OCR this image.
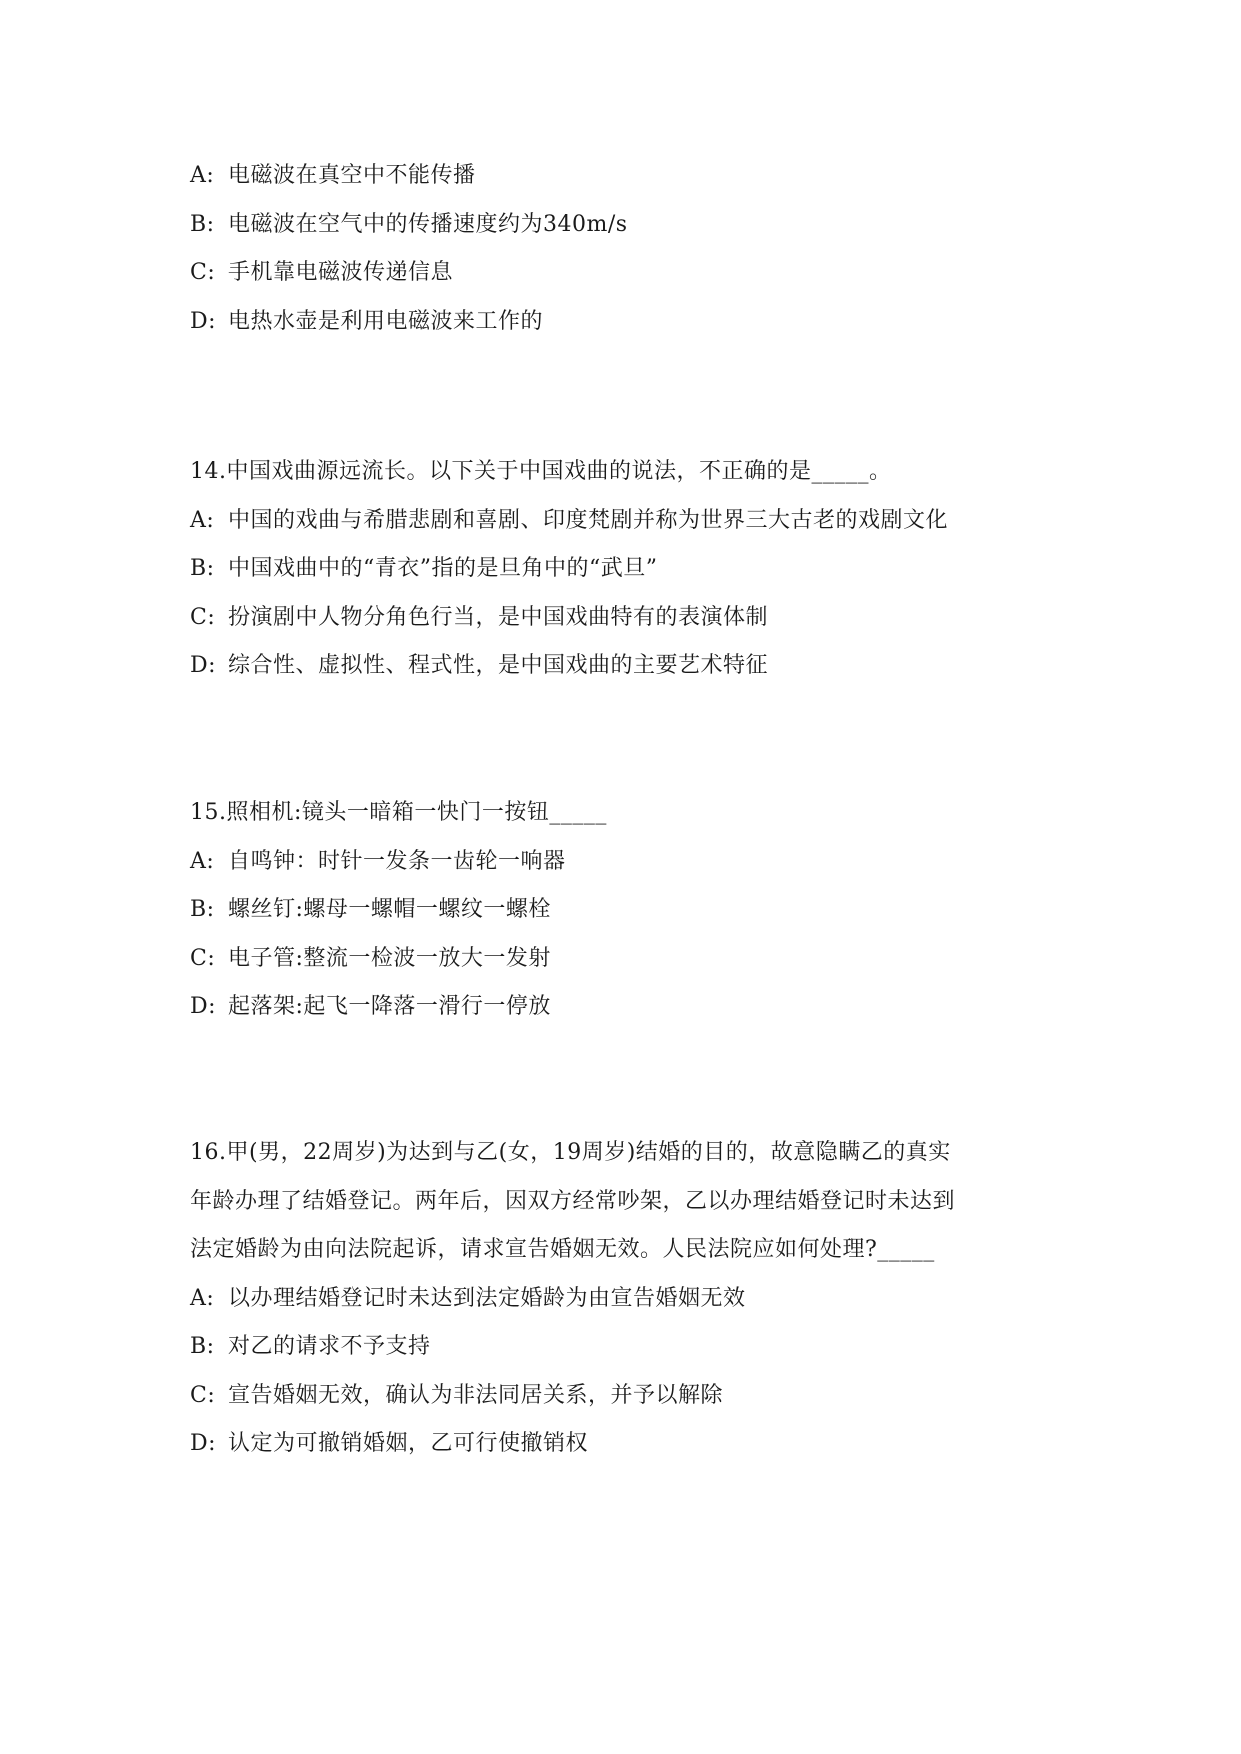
A: 电磁波在真空中不能传播
B: 电磁波在空气中的传播速度约为340m/s
C: 手机靠电磁波传递信息
D: 电热水壶是利用电磁波来工作的
14.中国戏曲源远流长。以下关于中国戏曲的说法，不正确的是_____。
A: 中国的戏曲与希腊悲剧和喜剧、印度梵剧并称为世界三大古老的戏剧文化
B: 中国戏曲中的“青衣”指的是旦角中的“武旦”
C: 扮演剧中人物分角色行当，是中国戏曲特有的表演体制
D: 综合性、虚拟性、程式性，是中国戏曲的主要艺术特征
15.照相机:镜头一暗箱一快门一按钮_____
A: 自鸣钟：时针一发条一齿轮一响器
B: 螺丝钉:螺母一螺帽一螺纹一螺栓
C: 电子管:整流一检波一放大一发射
D: 起落架:起飞一降落一滑行一停放
16.甲(男，22周岁)为达到与乙(女，19周岁)结婚的目的，故意隐瞒乙的真实
年龄办理了结婚登记。两年后，因双方经常吵架，乙以办理结婚登记时未达到
法定婚龄为由向法院起诉，请求宣告婚姻无效。人民法院应如何处理?_____
A: 以办理结婚登记时未达到法定婚龄为由宣告婚姻无效
B: 对乙的请求不予支持
C: 宣告婚姻无效，确认为非法同居关系，并予以解除
D: 认定为可撤销婚姻，乙可行使撤销权
